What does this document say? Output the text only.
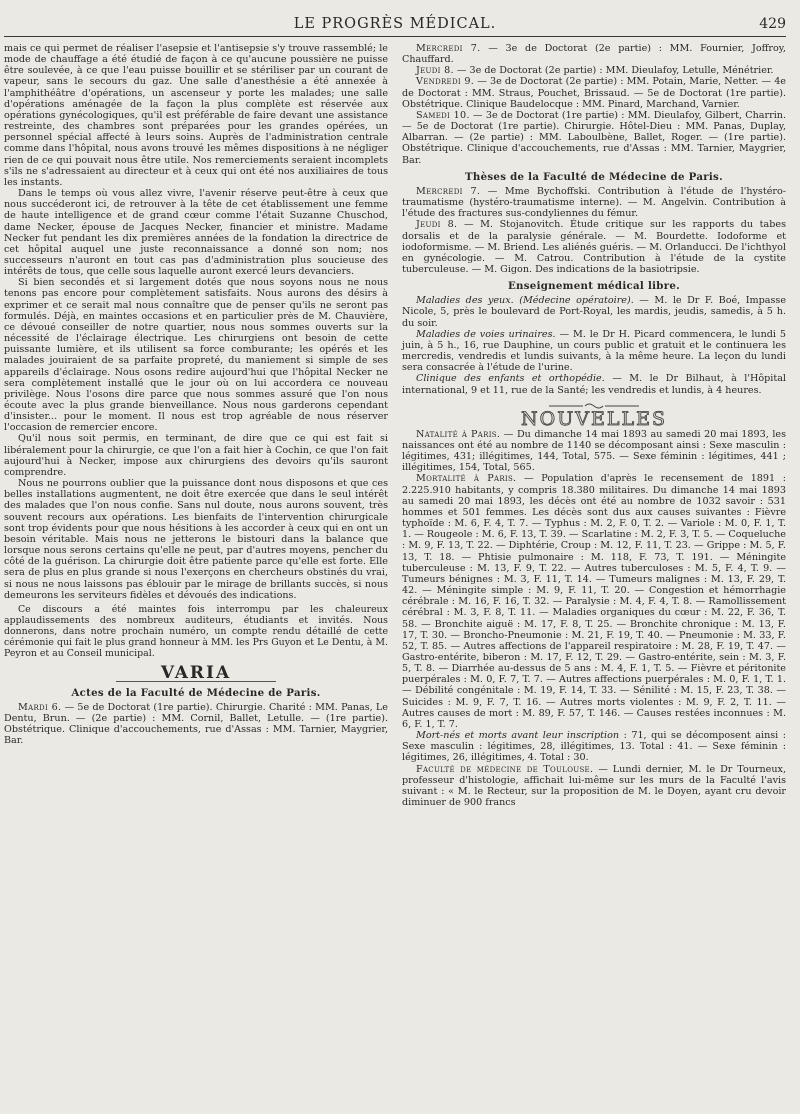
LE PROGRÈS MÉDICAL.	429

mais ce qui permet de réaliser l'asepsie et l'antisepsie s'y trouve rassemblé; le mode de chauffage a été étudié de façon à ce qu'aucune poussière ne puisse être soulevée, à ce que l'eau puisse bouillir et se stériliser par un courant de vapeur, sans le secours du gaz. Une salle d'anesthésie a été annexée à l'amphithéâtre d'opérations, un ascenseur y porte les malades; une salle d'opérations aménagée de la façon la plus complète est réservée aux opérations gynécologiques, qu'il est préférable de faire devant une assistance restreinte, des chambres sont préparées pour les grandes opérées, un personnel spécial affecté à leurs soins. Auprès de l'administration centrale comme dans l'hôpital, nous avons trouvé les mêmes dispositions à ne négliger rien de ce qui pouvait nous être utile. Nos remerciements seraient incomplets s'ils ne s'adressaient au directeur et à ceux qui ont été nos auxiliaires de tous les instants.

Dans le temps où vous allez vivre, l'avenir réserve peut-être à ceux que nous succéderont ici, de retrouver à la tête de cet établissement une femme de haute intelligence et de grand cœur comme l'était Suzanne Chuschod, dame Necker, épouse de Jacques Necker, financier et ministre. Madame Necker fut pendant les dix premières années de la fondation la directrice de cet hôpital auquel une juste reconnaissance a donné son nom; nos successeurs n'auront en tout cas pas d'administration plus soucieuse des intérêts de tous, que celle sous laquelle auront exercé leurs devanciers.

Si bien secondés et si largement dotés que nous soyons nous ne nous tenons pas encore pour complètement satisfaits. Nous aurons des désirs à exprimer et ce serait mal nous connaître que de penser qu'ils ne seront pas formulés. Déjà, en maintes occasions et en particulier près de M. Chauvière, ce dévoué conseiller de notre quartier, nous nous sommes ouverts sur la nécessité de l'éclairage électrique. Les chirurgiens ont besoin de cette puissante lumière, et ils utilisent sa force comburante; les opérés et les malades jouiraient de sa parfaite propreté, du maniement si simple de ses appareils d'éclairage. Nous osons redire aujourd'hui que l'hôpital Necker ne sera complètement installé que le jour où on lui accordera ce nouveau privilège. Nous l'osons dire parce que nous sommes assuré que l'on nous écoute avec la plus grande bienveillance. Nous nous garderons cependant d'insister... pour le moment. Il nous est trop agréable de nous réserver l'occasion de remercier encore.

Qu'il nous soit permis, en terminant, de dire que ce qui est fait si libéralement pour la chirurgie, ce que l'on a fait hier à Cochin, ce que l'on fait aujourd'hui à Necker, impose aux chirurgiens des devoirs qu'ils sauront comprendre.

Nous ne pourrons oublier que la puissance dont nous disposons et que ces belles installations augmentent, ne doit être exercée que dans le seul intérêt des malades que l'on nous confie. Sans nul doute, nous aurons souvent, très souvent recours aux opérations. Les bienfaits de l'intervention chirurgicale sont trop évidents pour que nous hésitions à les accorder à ceux qui en ont un besoin véritable. Mais nous ne jetterons le bistouri dans la balance que lorsque nous serons certains qu'elle ne peut, par d'autres moyens, pencher du côté de la guérison. La chirurgie doit être patiente parce qu'elle est forte. Elle sera de plus en plus grande si nous l'exerçons en chercheurs obstinés du vrai, si nous ne nous laissons pas éblouir par le mirage de brillants succès, si nous demeurons les serviteurs fidèles et dévoués des indications.

Ce discours a été maintes fois interrompu par les chaleureux applaudissements des nombreux auditeurs, étudiants et invités. Nous donnerons, dans notre prochain numéro, un compte rendu détaillé de cette cérémonie qui fait le plus grand honneur à MM. les Prs Guyon et Le Dentu, à M. Peyron et au Conseil municipal.

VARIA
Actes de la Faculté de Médecine de Paris.

Mardi 6. — 5e de Doctorat (1re partie). Chirurgie. Charité : MM. Panas, Le Dentu, Brun. — (2e partie) : MM. Cornil, Ballet, Letulle. — (1re partie). Obstétrique. Clinique d'accouchements, rue d'Assas : MM. Tarnier, Maygrier, Bar.

Mercredi 7. — 3e de Doctorat (2e partie) : MM. Fournier, Joffroy, Chauffard.

Jeudi 8. — 3e de Doctorat (2e partie) : MM. Dieulafoy, Letulle, Ménétrier.

Vendredi 9. — 3e de Doctorat (2e partie) : MM. Potain, Marie, Netter. — 4e de Doctorat : MM. Straus, Pouchet, Brissaud. — 5e de Doctorat (1re partie). Obstétrique. Clinique Baudelocque : MM. Pinard, Marchand, Varnier.

Samedi 10. — 3e de Doctorat (1re partie) : MM. Dieulafoy, Gilbert, Charrin. — 5e de Doctorat (1re partie). Chirurgie. Hôtel-Dieu : MM. Panas, Duplay, Albarran. — (2e partie) : MM. Laboulbène, Ballet, Roger. — (1re partie). Obstétrique. Clinique d'accouchements, rue d'Assas : MM. Tarnier, Maygrier, Bar.

Thèses de la Faculté de Médecine de Paris.

Mercredi 7. — Mme Bychoffski. Contribution à l'étude de l'hystéro-traumatisme (hystéro-traumatisme interne). — M. Angelvin. Contribution à l'étude des fractures sus-condyliennes du fémur.

Jeudi 8. — M. Stojanovitch. Étude critique sur les rapports du tabes dorsalis et de la paralysie générale. — M. Bourdette. Iodoforme et iodoformisme. — M. Briend. Les aliénés guéris. — M. Orlanducci. De l'ichthyol en gynécologie. — M. Catrou. Contribution à l'étude de la cystite tuberculeuse. — M. Gigon. Des indications de la basiotripsie.

Enseignement médical libre.

Maladies des yeux. (Médecine opératoire). — M. le Dr F. Boé, Impasse Nicole, 5, près le boulevard de Port-Royal, les mardis, jeudis, samedis, à 5 h. du soir.

Maladies de voies urinaires. — M. le Dr H. Picard commencera, le lundi 5 juin, à 5 h., 16, rue Dauphine, un cours public et gratuit et le continuera les mercredis, vendredis et lundis suivants, à la même heure. La leçon du lundi sera consacrée à l'étude de l'urine.

Clinique des enfants et orthopédie. — M. le Dr Bilhaut, à l'Hôpital international, 9 et 11, rue de la Santé; les vendredis et lundis, à 4 heures.

NOUVELLES

Natalité à Paris. — Du dimanche 14 mai 1893 au samedi 20 mai 1893, les naissances ont été au nombre de 1140 se décomposant ainsi : Sexe masculin : légitimes, 431; illégitimes, 144, Total, 575. — Sexe féminin : légitimes, 441 ; illégitimes, 154, Total, 565.

Mortalité à Paris. — Population d'après le recensement de 1891 : 2.225.910 habitants, y compris 18.380 militaires. Du dimanche 14 mai 1893 au samedi 20 mai 1893, les décès ont été au nombre de 1032 savoir : 531 hommes et 501 femmes. Les décès sont dus aux causes suivantes : Fièvre typhoïde : M. 6, F. 4, T. 7. — Typhus : M. 2, F. 0, T. 2. — Variole : M. 0, F. 1, T. 1. — Rougeole : M. 6, F. 13, T. 39. — Scarlatine : M. 2, F. 3, T. 5. — Coqueluche : M. 9, F. 13, T. 22. — Diphtérie, Croup : M. 12, F. 11, T. 23. — Grippe : M. 5, F. 13, T. 18. — Phtisie pulmonaire : M. 118, F. 73, T. 191. — Méningite tuberculeuse : M. 13, F. 9, T. 22. — Autres tuberculoses : M. 5, F. 4, T. 9. — Tumeurs bénignes : M. 3, F. 11, T. 14. — Tumeurs malignes : M. 13, F. 29, T. 42. — Méningite simple : M. 9, F. 11, T. 20. — Congestion et hémorrhagie cérébrale : M. 16, F. 16, T. 32. — Paralysie : M. 4, F. 4, T. 8. — Ramollissement cérébral : M. 3, F. 8, T. 11. — Maladies organiques du cœur : M. 22, F. 36, T. 58. — Bronchite aiguë : M. 17, F. 8, T. 25. — Bronchite chronique : M. 13, F. 17, T. 30. — Broncho-Pneumonie : M. 21, F. 19, T. 40. — Pneumonie : M. 33, F. 52, T. 85. — Autres affections de l'appareil respiratoire : M. 28, F. 19, T. 47. — Gastro-entérite, biberon : M. 17, F. 12, T. 29. — Gastro-entérite, sein : M. 3, F. 5, T. 8. — Diarrhée au-dessus de 5 ans : M. 4, F. 1, T. 5. — Fièvre et péritonite puerpérales : M. 0, F. 7, T. 7. — Autres affections puerpérales : M. 0, F. 1, T. 1. — Débilité congénitale : M. 19, F. 14, T. 33. — Sénilité : M. 15, F. 23, T. 38. — Suicides : M. 9, F. 7, T. 16. — Autres morts violentes : M. 9, F. 2, T. 11. — Autres causes de mort : M. 89, F. 57, T. 146. — Causes restées inconnues : M. 6, F. 1, T. 7.

Mort-nés et morts avant leur inscription : 71, qui se décomposent ainsi : Sexe masculin : légitimes, 28, illégitimes, 13. Total : 41. — Sexe féminin : légitimes, 26, illégitimes, 4. Total : 30.

Faculté de médecine de Toulouse. — Lundi dernier, M. le Dr Tourneux, professeur d'histologie, affichait lui-même sur les murs de la Faculté l'avis suivant : « M. le Recteur, sur la proposition de M. le Doyen, ayant cru devoir diminuer de 900 francs
